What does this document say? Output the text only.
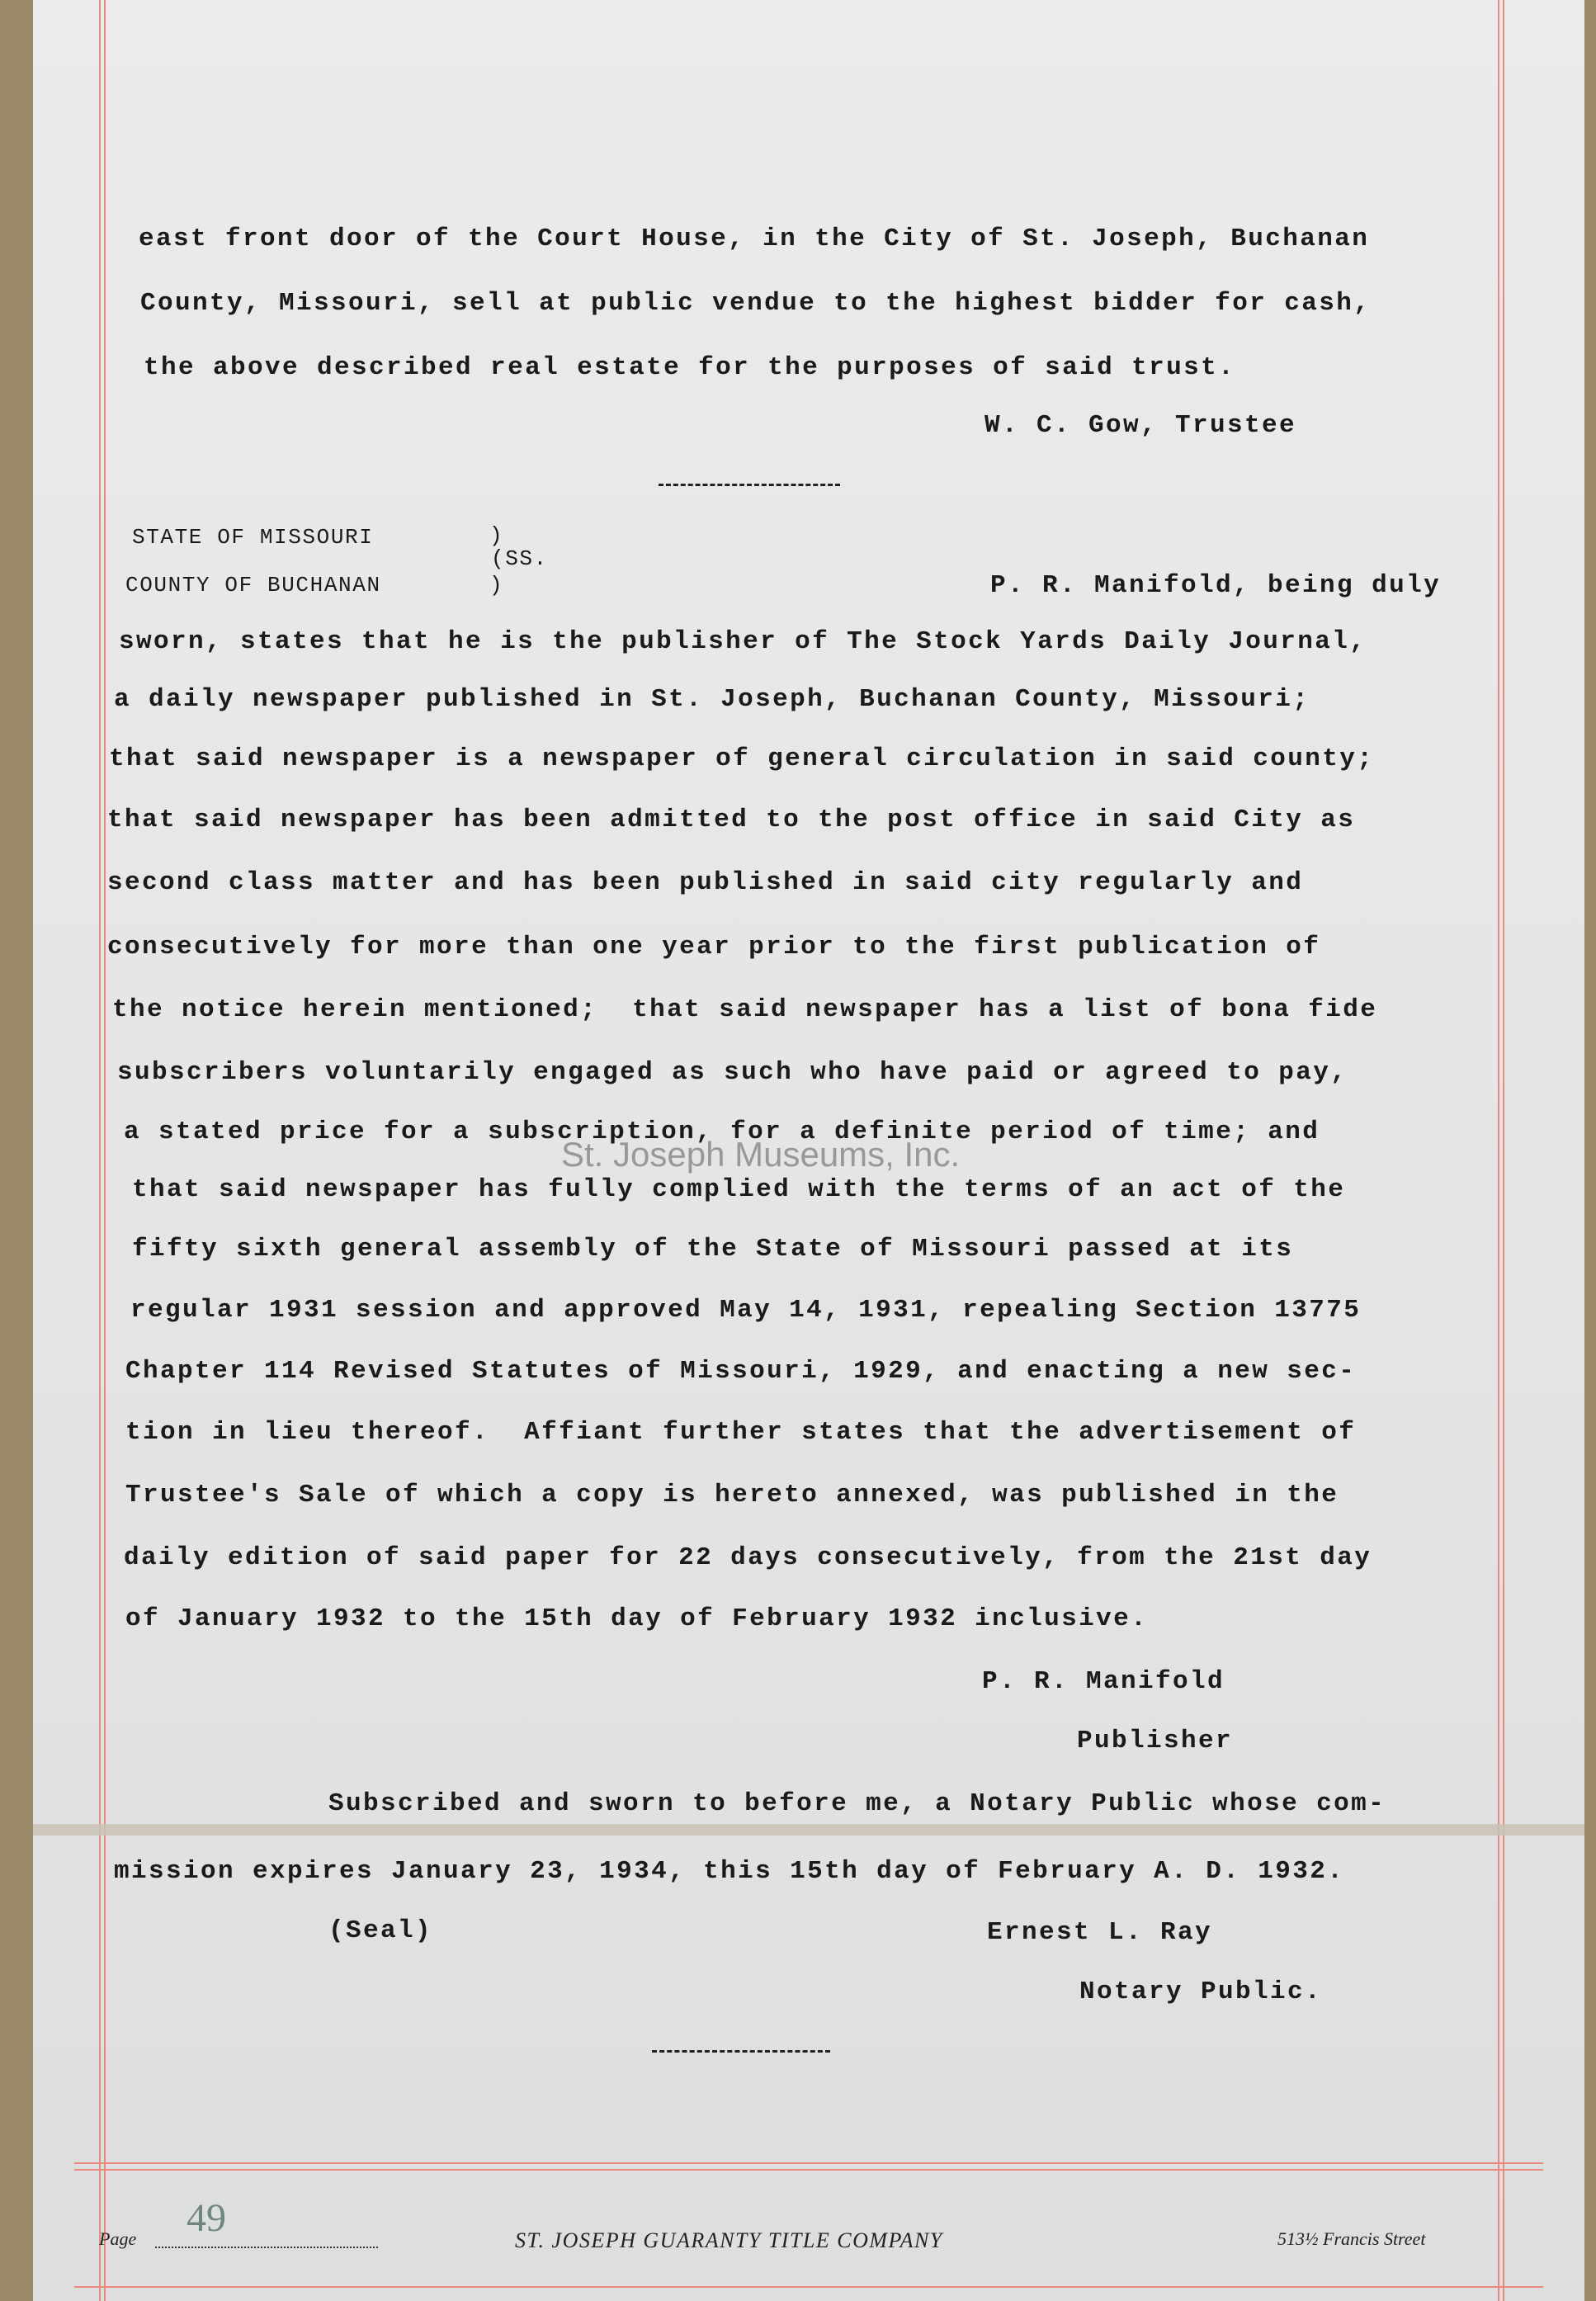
east front door of the Court House, in the City of St. Joseph, Buchanan
County, Missouri, sell at public vendue to the highest bidder for cash,
the above described real estate for the purposes of said trust.
W. C. Gow, Trustee
STATE OF MISSOURI	)
(SS.
COUNTY OF BUCHANAN	)	P. R. Manifold, being duly
sworn, states that he is the publisher of The Stock Yards Daily Journal,
a daily newspaper published in St. Joseph, Buchanan County, Missouri;
that said newspaper is a newspaper of general circulation in said county;
that said newspaper has been admitted to the post office in said City as
second class matter and has been published in said city regularly and
consecutively for more than one year prior to the first publication of
the notice herein mentioned;  that said newspaper has a list of bona fide
subscribers voluntarily engaged as such who have paid or agreed to pay,
a stated price for a subscription, for a definite period of time; and
that said newspaper has fully complied with the terms of an act of the
fifty sixth general assembly of the State of Missouri passed at its
regular 1931 session and approved May 14, 1931, repealing Section 13775
Chapter 114 Revised Statutes of Missouri, 1929, and enacting a new sec-
tion in lieu thereof.  Affiant further states that the advertisement of
Trustee's Sale of which a copy is hereto annexed, was published in the
daily edition of said paper for 22 days consecutively, from the 21st day
of January 1932 to the 15th day of February 1932 inclusive.
St. Joseph Museums, Inc.
P. R. Manifold
Publisher
Subscribed and sworn to before me, a Notary Public whose com-
mission expires January 23, 1934, this 15th day of February A. D. 1932.
(Seal)	Ernest L. Ray
Notary Public.
Page 49
ST. JOSEPH GUARANTY TITLE COMPANY	513½ Francis Street
